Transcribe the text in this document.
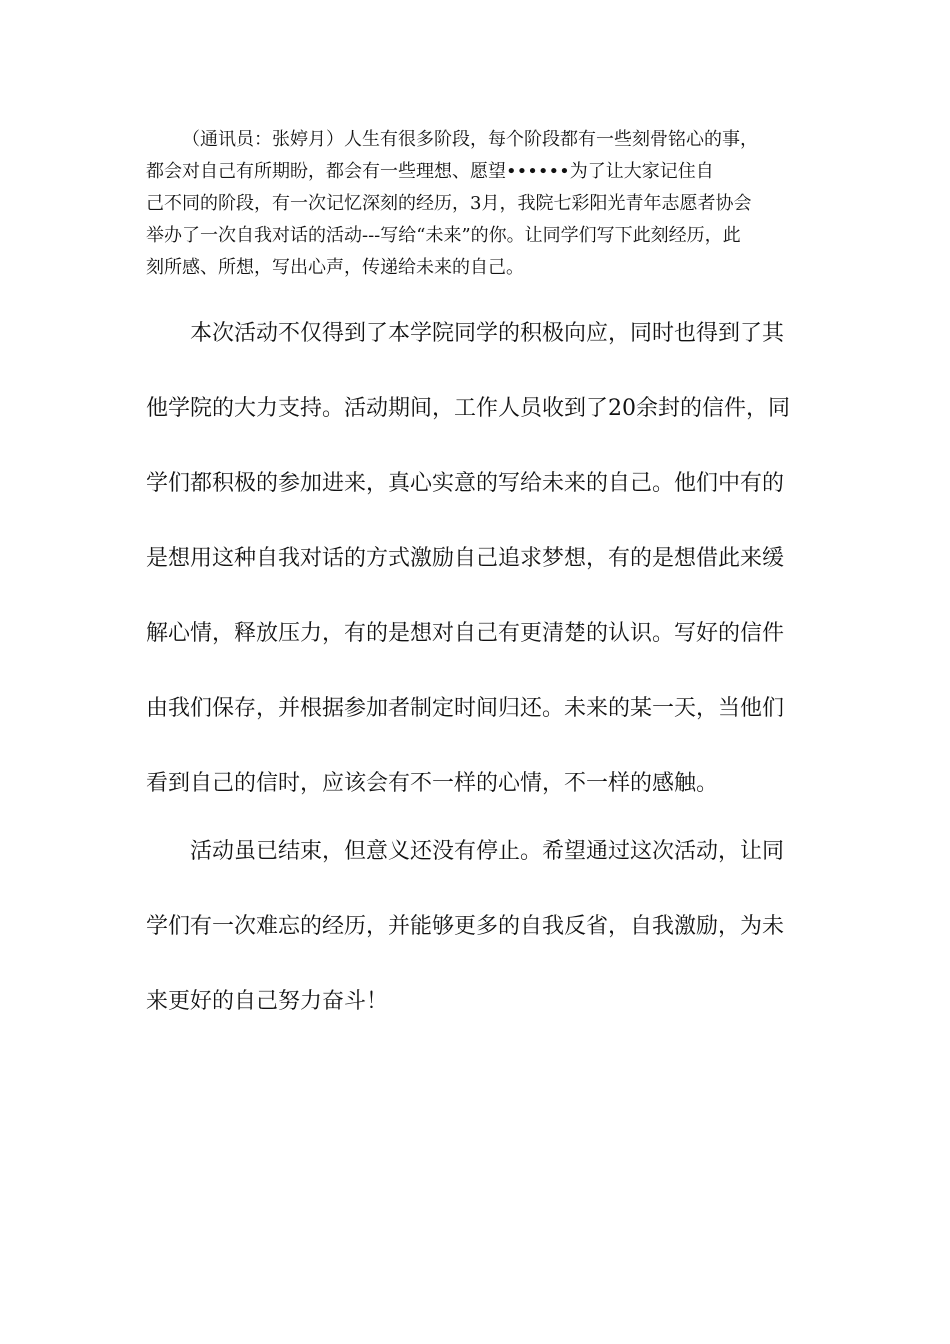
（通讯员：张婷月）人生有很多阶段，每个阶段都有一些刻骨铭心的事，
都会对自己有所期盼，都会有一些理想、愿望••••••为了让大家记住自
己不同的阶段，有一次记忆深刻的经历，3月，我院七彩阳光青年志愿者协会
举办了一次自我对话的活动---写给“未来”的你。让同学们写下此刻经历，此
刻所感、所想，写出心声，传递给未来的自己。
本次活动不仅得到了本学院同学的积极向应，同时也得到了其
他学院的大力支持。活动期间，工作人员收到了20余封的信件，同
学们都积极的参加进来，真心实意的写给未来的自己。他们中有的
是想用这种自我对话的方式激励自己追求梦想，有的是想借此来缓
解心情，释放压力，有的是想对自己有更清楚的认识。写好的信件
由我们保存，并根据参加者制定时间归还。未来的某一天，当他们
看到自己的信时，应该会有不一样的心情，不一样的感触。
活动虽已结束，但意义还没有停止。希望通过这次活动，让同
学们有一次难忘的经历，并能够更多的自我反省，自我激励，为未
来更好的自己努力奋斗！
